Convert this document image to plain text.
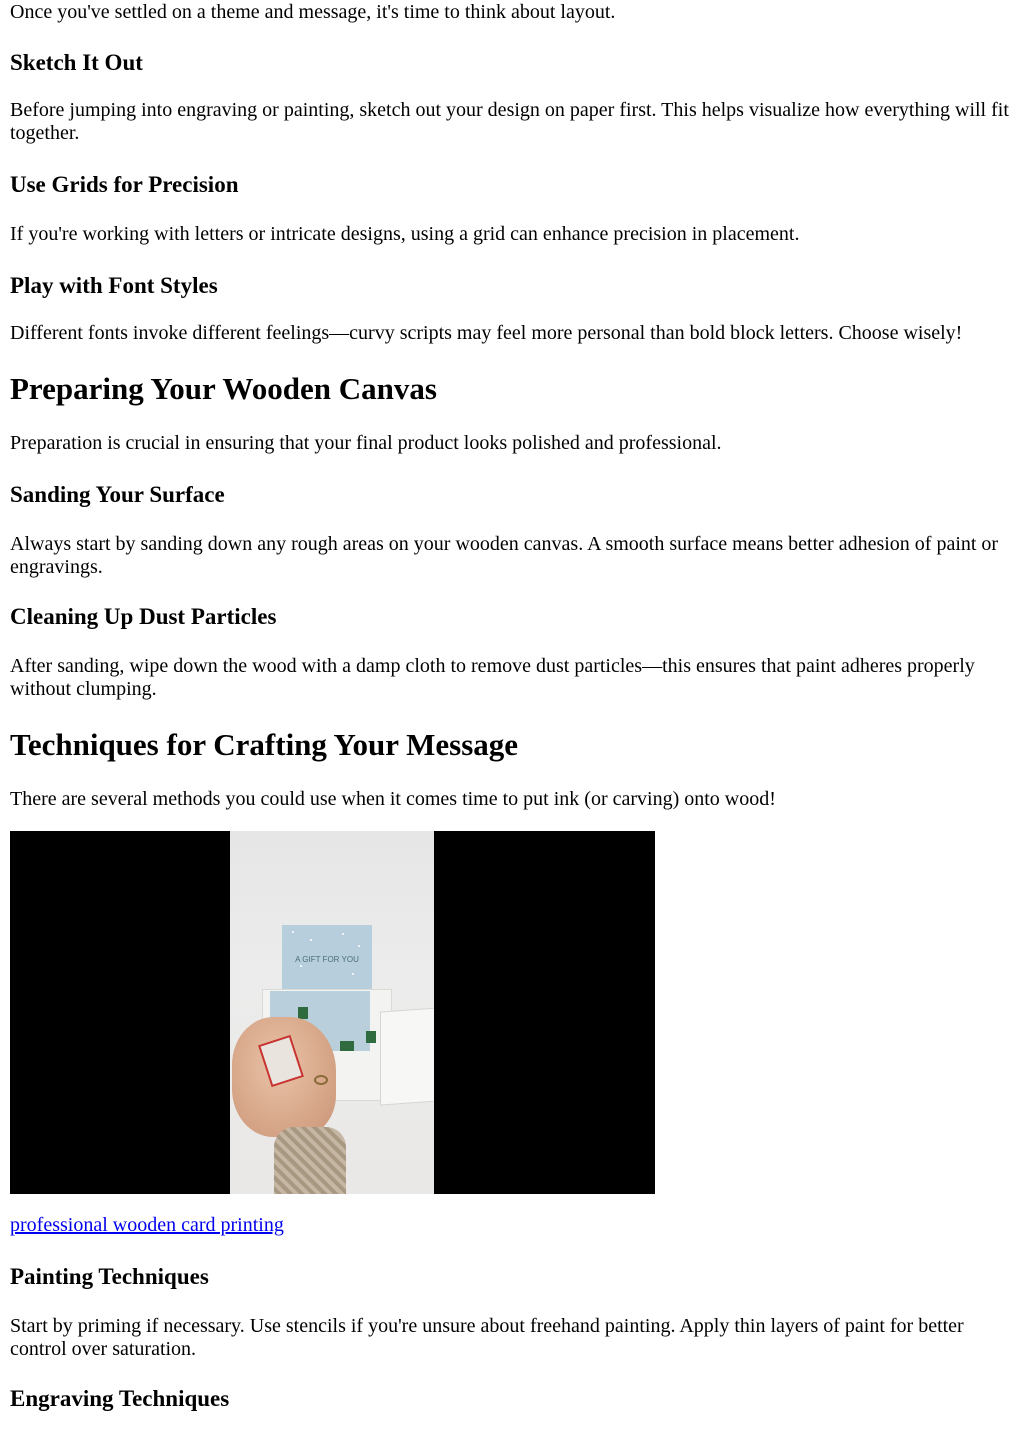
Once you've settled on a theme and message, it's time to think about layout.

Sketch It Out

Before jumping into engraving or painting, sketch out your design on paper first. This helps visualize how everything will fit together.

Use Grids for Precision

If you're working with letters or intricate designs, using a grid can enhance precision in placement.

Play with Font Styles

Different fonts invoke different feelings—curvy scripts may feel more personal than bold block letters. Choose wisely!

Preparing Your Wooden Canvas

Preparation is crucial in ensuring that your final product looks polished and professional.

Sanding Your Surface

Always start by sanding down any rough areas on your wooden canvas. A smooth surface means better adhesion of paint or engravings.

Cleaning Up Dust Particles

After sanding, wipe down the wood with a damp cloth to remove dust particles—this ensures that paint adheres properly without clumping.

Techniques for Crafting Your Message

There are several methods you could use when it comes time to put ink (or carving) onto wood!

A GIFT FOR YOU
professional wooden card printing
Painting Techniques

Start by priming if necessary. Use stencils if you're unsure about freehand painting. Apply thin layers of paint for better control over saturation.

Engraving Techniques
